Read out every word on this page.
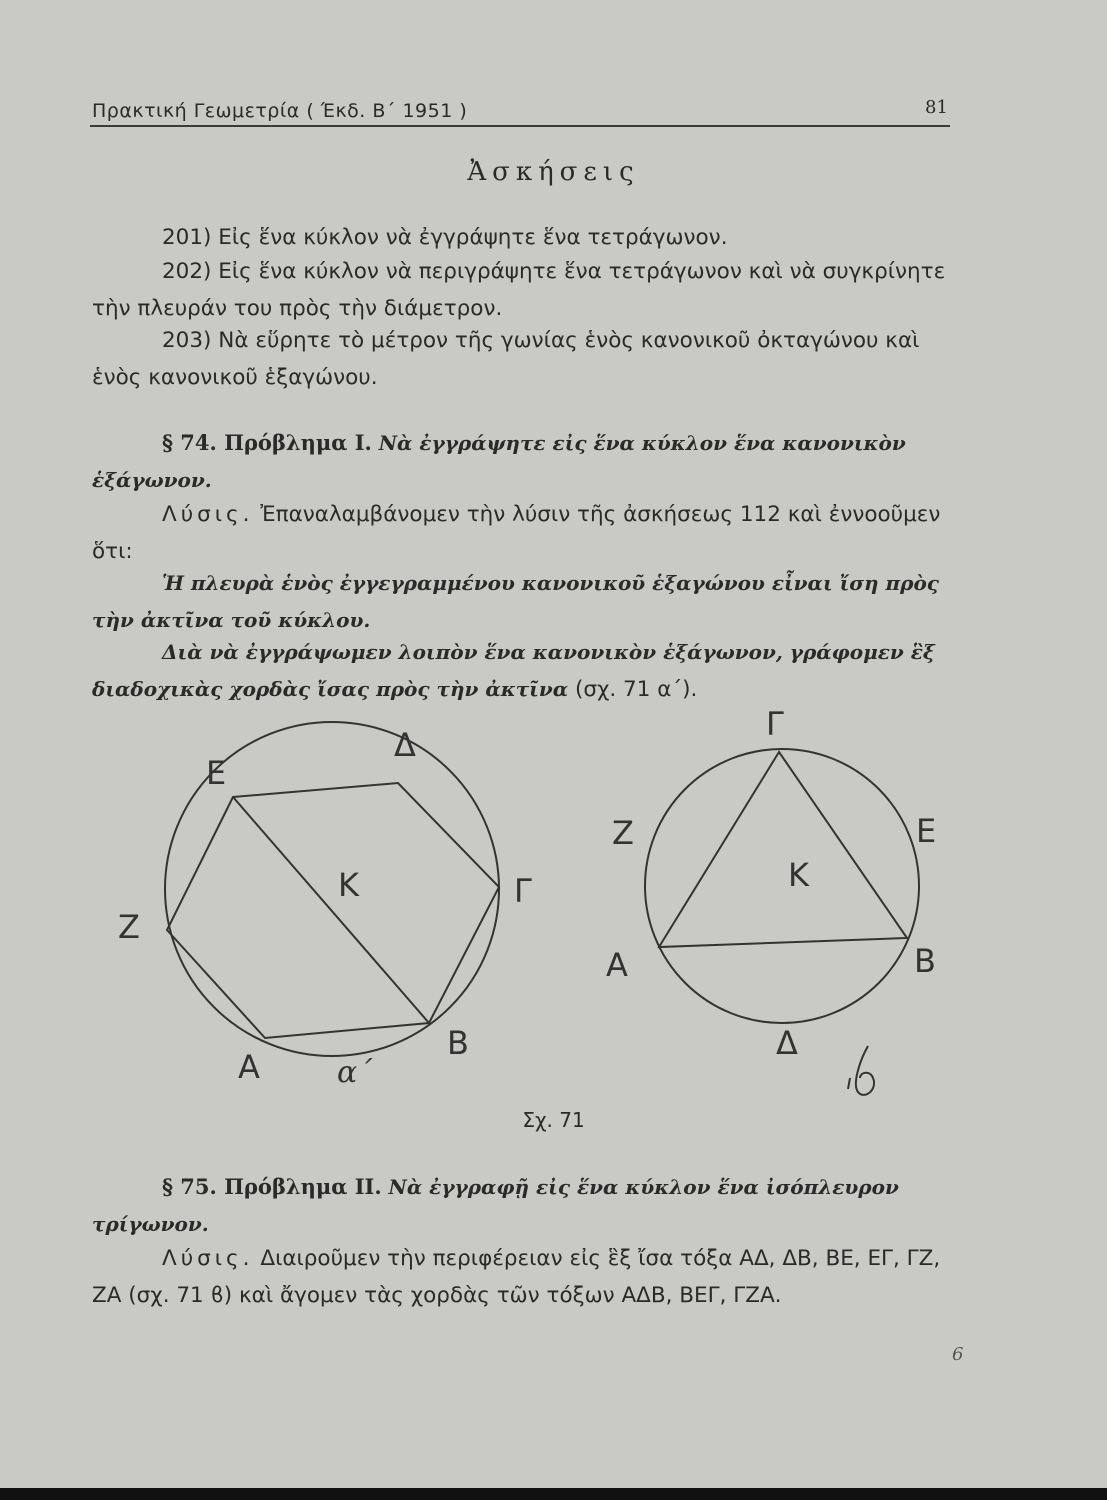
Πρακτική Γεωμετρία ( Έκδ. Β΄ 1951 )	81
Ἀσκήσεις
201) Εἰς ἕνα κύκλον νὰ ἐγγράψητε ἕνα τετράγωνον.
202) Εἰς ἕνα κύκλον νὰ περιγράψητε ἕνα τετράγωνον καὶ νὰ συγκρίνητε τὴν πλευράν του πρὸς τὴν διάμετρον.
203) Νὰ εὕρητε τὸ μέτρον τῆς γωνίας ἑνὸς κανονικοῦ ὀκταγώνου καὶ ἑνὸς κανονικοῦ ἑξαγώνου.
§ 74. Πρόβλημα I. Νὰ ἐγγράψητε εἰς ἕνα κύκλον ἕνα κανονικὸν ἑξάγωνον.
Λύσις. Ἐπαναλαμβάνομεν τὴν λύσιν τῆς ἀσκήσεως 112 καὶ ἐννοοῦμεν ὅτι:
Ἡ πλευρὰ ἑνὸς ἐγγεγραμμένου κανονικοῦ ἑξαγώνου εἶναι ἴση πρὸς τὴν ἀκτῖνα τοῦ κύκλου.
Διὰ νὰ ἐγγράψωμεν λοιπὸν ἕνα κανονικὸν ἑξάγωνον, γράφομεν ἓξ διαδοχικὰς χορδὰς ἴσας πρὸς τὴν ἀκτῖνα (σχ. 71 α΄).
Ε
Δ
Γ
Ζ
Κ
Β
Α	α΄
Γ
Ζ	Ε
Κ
Α	Β
Δ	ϐ
Σχ. 71
§ 75. Πρόβλημα II. Νὰ ἐγγραφῇ εἰς ἕνα κύκλον ἕνα ἰσόπλευρον τρίγωνον.
Λύσις. Διαιροῦμεν τὴν περιφέρειαν εἰς ἓξ ἴσα τόξα ΑΔ, ΔΒ, ΒΕ, ΕΓ, ΓΖ, ΖΑ (σχ. 71 ϐ) καὶ ἄγομεν τὰς χορδὰς τῶν τόξων ΑΔΒ, ΒΕΓ, ΓΖΑ.
6
